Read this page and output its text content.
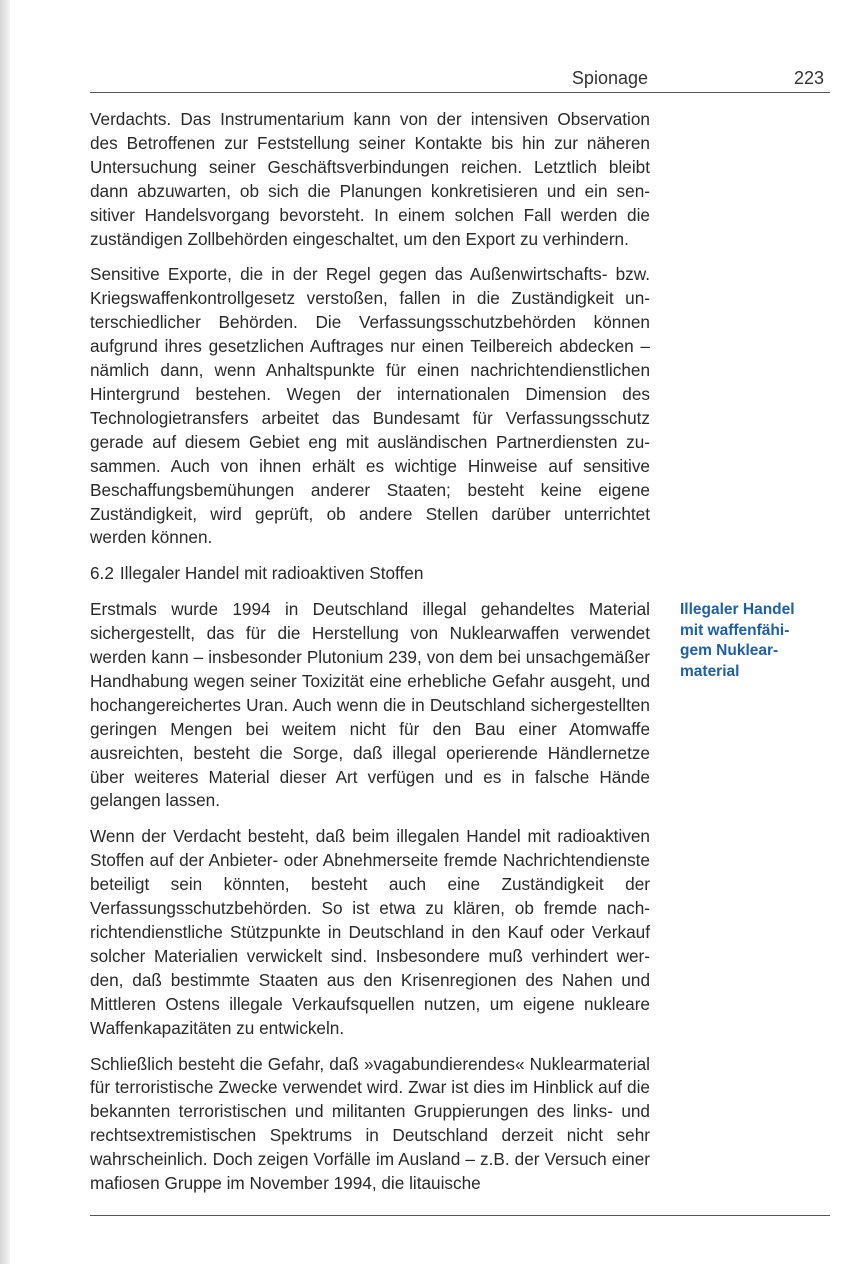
Spionage	223

Verdachts. Das Instrumentarium kann von der intensiven Observation des Betroffenen zur Feststellung seiner Kontakte bis hin zur näheren Untersuchung seiner Geschäftsverbindungen reichen. Letztlich bleibt dann abzuwarten, ob sich die Planungen konkretisieren und ein sensitiver Handelsvorgang bevorsteht. In einem solchen Fall werden die zuständigen Zollbehörden eingeschaltet, um den Export zu verhindern.

Sensitive Exporte, die in der Regel gegen das Außenwirtschafts- bzw. Kriegswaffenkontrollgesetz verstoßen, fallen in die Zuständigkeit unterschiedlicher Behörden. Die Verfassungsschutzbehörden können aufgrund ihres gesetzlichen Auftrages nur einen Teilbereich abdecken – nämlich dann, wenn Anhaltspunkte für einen nachrichtendienstlichen Hintergrund bestehen. Wegen der internationalen Dimension des Technologietransfers arbeitet das Bundesamt für Verfassungsschutz gerade auf diesem Gebiet eng mit ausländischen Partnerdiensten zusammen. Auch von ihnen erhält es wichtige Hinweise auf sensitive Beschaffungsbemühungen anderer Staaten; besteht keine eigene Zuständigkeit, wird geprüft, ob andere Stellen darüber unterrichtet werden können.

6.2 Illegaler Handel mit radioaktiven Stoffen

Erstmals wurde 1994 in Deutschland illegal gehandeltes Material sichergestellt, das für die Herstellung von Nuklearwaffen verwendet werden kann – insbesonder Plutonium 239, von dem bei unsachgemäßer Handhabung wegen seiner Toxizität eine erhebliche Gefahr ausgeht, und hochangereichertes Uran. Auch wenn die in Deutschland sichergestellten geringen Mengen bei weitem nicht für den Bau einer Atomwaffe ausreichten, besteht die Sorge, daß illegal operierende Händlernetze über weiteres Material dieser Art verfügen und es in falsche Hände gelangen lassen.

Wenn der Verdacht besteht, daß beim illegalen Handel mit radioaktiven Stoffen auf der Anbieter- oder Abnehmerseite fremde Nachrichtendienste beteiligt sein könnten, besteht auch eine Zuständigkeit der Verfassungsschutzbehörden. So ist etwa zu klären, ob fremde nachrichtendienstliche Stützpunkte in Deutschland in den Kauf oder Verkauf solcher Materialien verwickelt sind. Insbesondere muß verhindert werden, daß bestimmte Staaten aus den Krisenregionen des Nahen und Mittleren Ostens illegale Verkaufsquellen nutzen, um eigene nukleare Waffenkapazitäten zu entwickeln.

Schließlich besteht die Gefahr, daß »vagabundierendes« Nuklearmaterial für terroristische Zwecke verwendet wird. Zwar ist dies im Hinblick auf die bekannten terroristischen und militanten Gruppierungen des links- und rechtsextremistischen Spektrums in Deutschland derzeit nicht sehr wahrscheinlich. Doch zeigen Vorfälle im Ausland – z.B. der Versuch einer mafiosen Gruppe im November 1994, die litauische

Illegaler Handel
mit waffenfähi-
gem Nuklear-
material
